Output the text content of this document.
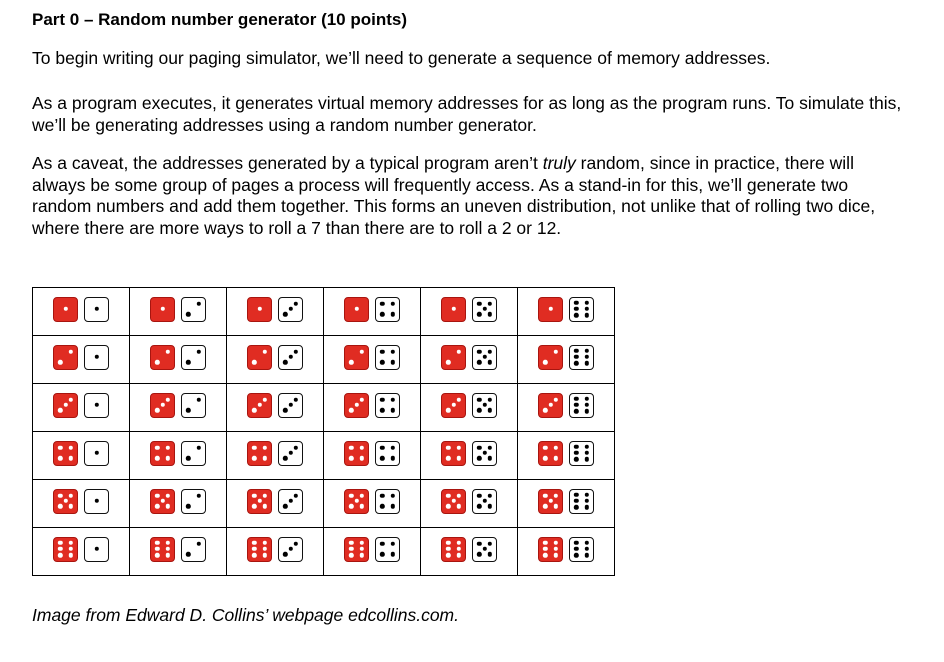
Part 0 – Random number generator (10 points)

To begin writing our paging simulator, we’ll need to generate a sequence of memory addresses.

As a program executes, it generates virtual memory addresses for as long as the program runs. To simulate this, we’ll be generating addresses using a random number generator.

As a caveat, the addresses generated by a typical program aren’t truly random, since in practice, there will always be some group of pages a process will frequently access. As a stand-in for this, we’ll generate two random numbers and add them together. This forms an uneven distribution, not unlike that of rolling two dice, where there are more ways to roll a 7 than there are to roll a 2 or 12.

Image from Edward D. Collins’ webpage edcollins.com.
